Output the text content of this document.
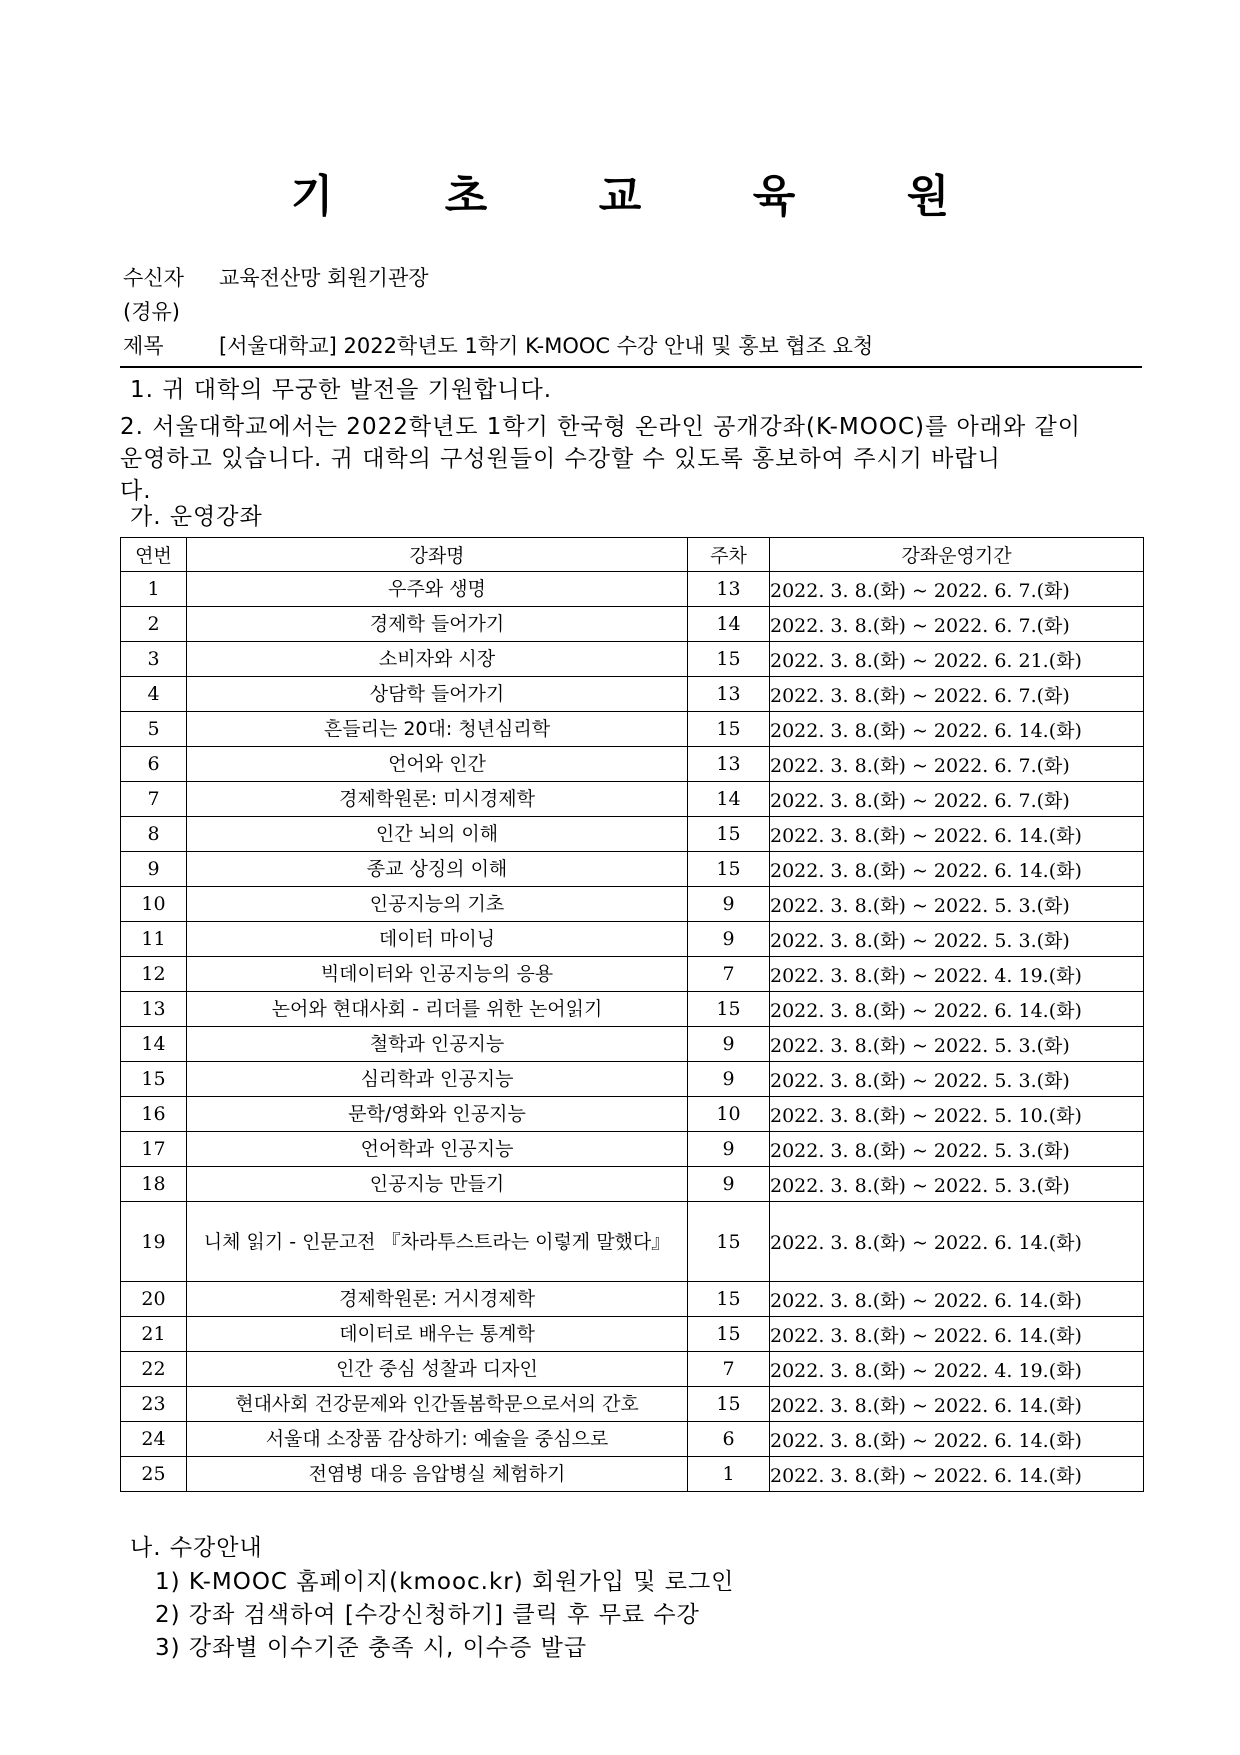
기	초	교	육	원
수신자 교육전산망 회원기관장
(경유)
제목	[서울대학교] 2022학년도 1학기 K-MOOC 수강 안내 및 홍보 협조 요청
1. 귀 대학의 무궁한 발전을 기원합니다.
2. 서울대학교에서는 2022학년도 1학기 한국형 온라인 공개강좌(K-MOOC)를 아래와 같이
운영하고 있습니다. 귀 대학의 구성원들이 수강할 수 있도록 홍보하여 주시기 바랍니
다.
가. 운영강좌
연번	강좌명	주차	강좌운영기간
1	우주와 생명	13	2022. 3. 8.(화) ~ 2022. 6. 7.(화)
2	경제학 들어가기	14	2022. 3. 8.(화) ~ 2022. 6. 7.(화)
3	소비자와 시장	15	2022. 3. 8.(화) ~ 2022. 6. 21.(화)
4	상담학 들어가기	13	2022. 3. 8.(화) ~ 2022. 6. 7.(화)
5	흔들리는 20대: 청년심리학	15	2022. 3. 8.(화) ~ 2022. 6. 14.(화)
6	언어와 인간	13	2022. 3. 8.(화) ~ 2022. 6. 7.(화)
7	경제학원론: 미시경제학	14	2022. 3. 8.(화) ~ 2022. 6. 7.(화)
8	인간 뇌의 이해	15	2022. 3. 8.(화) ~ 2022. 6. 14.(화)
9	종교 상징의 이해	15	2022. 3. 8.(화) ~ 2022. 6. 14.(화)
10	인공지능의 기초	9	2022. 3. 8.(화) ~ 2022. 5. 3.(화)
11	데이터 마이닝	9	2022. 3. 8.(화) ~ 2022. 5. 3.(화)
12	빅데이터와 인공지능의 응용	7	2022. 3. 8.(화) ~ 2022. 4. 19.(화)
13	논어와 현대사회 - 리더를 위한 논어읽기	15	2022. 3. 8.(화) ~ 2022. 6. 14.(화)
14	철학과 인공지능	9	2022. 3. 8.(화) ~ 2022. 5. 3.(화)
15	심리학과 인공지능	9	2022. 3. 8.(화) ~ 2022. 5. 3.(화)
16	문학/영화와 인공지능	10	2022. 3. 8.(화) ~ 2022. 5. 10.(화)
17	언어학과 인공지능	9	2022. 3. 8.(화) ~ 2022. 5. 3.(화)
18	인공지능 만들기	9	2022. 3. 8.(화) ~ 2022. 5. 3.(화)
19	니체 읽기 - 인문고전 『차라투스트라는 이렇게 말했다』	15	2022. 3. 8.(화) ~ 2022. 6. 14.(화)
20	경제학원론: 거시경제학	15	2022. 3. 8.(화) ~ 2022. 6. 14.(화)
21	데이터로 배우는 통계학	15	2022. 3. 8.(화) ~ 2022. 6. 14.(화)
22	인간 중심 성찰과 디자인	7	2022. 3. 8.(화) ~ 2022. 4. 19.(화)
23	현대사회 건강문제와 인간돌봄학문으로서의 간호	15	2022. 3. 8.(화) ~ 2022. 6. 14.(화)
24	서울대 소장품 감상하기: 예술을 중심으로	6	2022. 3. 8.(화) ~ 2022. 6. 14.(화)
25	전염병 대응 음압병실 체험하기	1	2022. 3. 8.(화) ~ 2022. 6. 14.(화)
나. 수강안내
1) K-MOOC 홈페이지(kmooc.kr) 회원가입 및 로그인
2) 강좌 검색하여 [수강신청하기] 클릭 후 무료 수강
3) 강좌별 이수기준 충족 시, 이수증 발급
